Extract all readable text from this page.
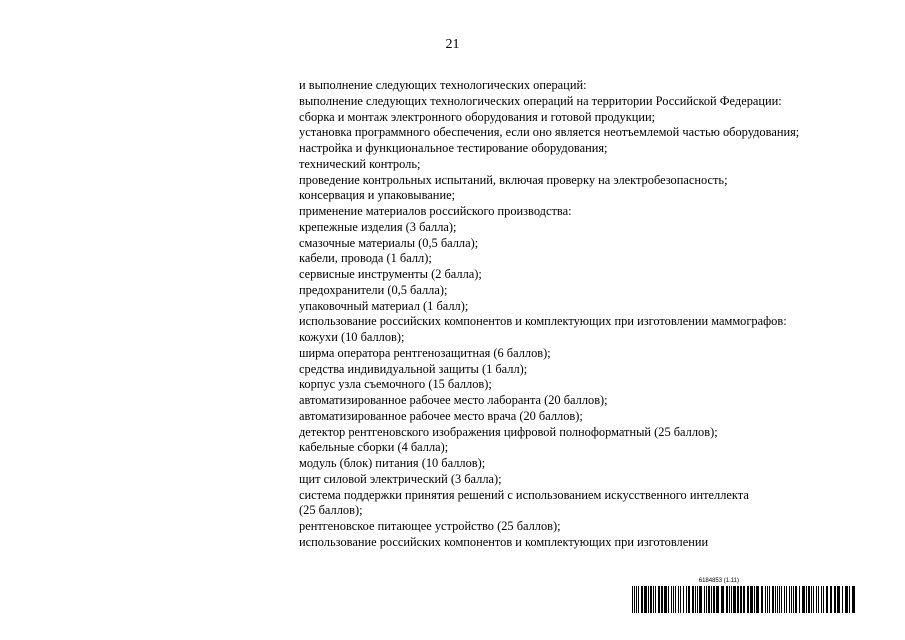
21
и выполнение следующих технологических операций:
выполнение следующих технологических операций на территории Российской Федерации:
сборка и монтаж электронного оборудования и готовой продукции;
установка программного обеспечения, если оно является неотъемлемой частью оборудования;
настройка и функциональное тестирование оборудования;
технический контроль;
проведение контрольных испытаний, включая проверку на электробезопасность;
консервация и упаковывание;
применение материалов российского производства:
крепежные изделия (3 балла);
смазочные материалы (0,5 балла);
кабели, провода (1 балл);
сервисные инструменты (2 балла);
предохранители (0,5 балла);
упаковочный материал (1 балл);
использование российских компонентов и комплектующих при изготовлении маммографов:
кожухи (10 баллов);
ширма оператора рентгенозащитная (6 баллов);
средства индивидуальной защиты (1 балл);
корпус узла съемочного (15 баллов);
автоматизированное рабочее место лаборанта (20 баллов);
автоматизированное рабочее место врача (20 баллов);
детектор рентгеновского изображения цифровой полноформатный (25 баллов);
кабельные сборки (4 балла);
модуль (блок) питания (10 баллов);
щит силовой электрический (3 балла);
система поддержки принятия решений с использованием искусственного интеллекта
(25 баллов);
рентгеновское питающее устройство (25 баллов);
использование российских компонентов и комплектующих при изготовлении
6184853 (1.11)
